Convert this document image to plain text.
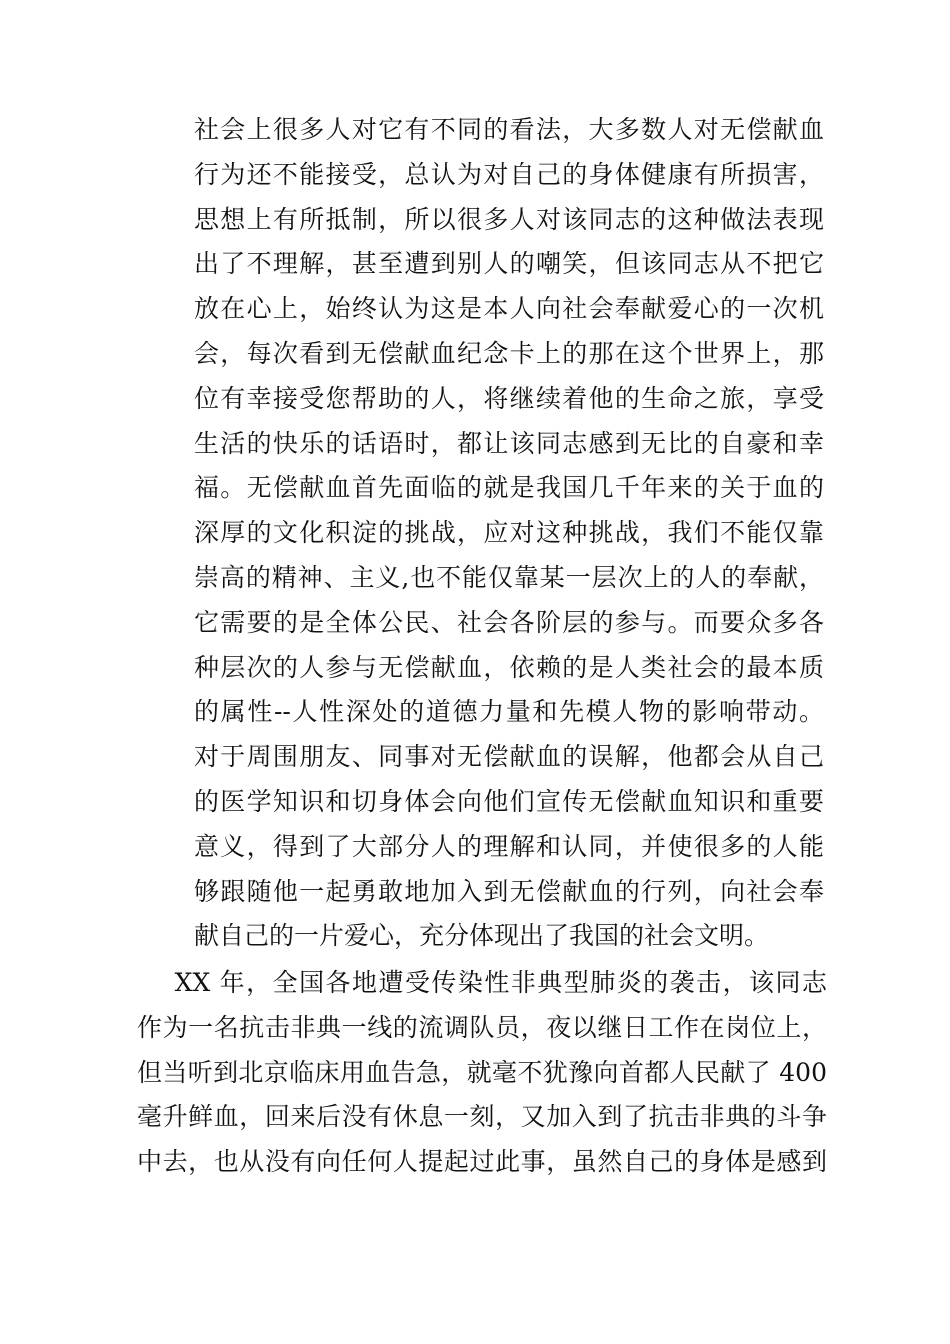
社会上很多人对它有不同的看法，大多数人对无偿献血
行为还不能接受，总认为对自己的身体健康有所损害，
思想上有所抵制，所以很多人对该同志的这种做法表现
出了不理解，甚至遭到别人的嘲笑，但该同志从不把它
放在心上，始终认为这是本人向社会奉献爱心的一次机
会，每次看到无偿献血纪念卡上的那在这个世界上，那
位有幸接受您帮助的人，将继续着他的生命之旅，享受
生活的快乐的话语时，都让该同志感到无比的自豪和幸
福。无偿献血首先面临的就是我国几千年来的关于血的
深厚的文化积淀的挑战，应对这种挑战，我们不能仅靠
崇高的精神、主义,也不能仅靠某一层次上的人的奉献，
它需要的是全体公民、社会各阶层的参与。而要众多各
种层次的人参与无偿献血，依赖的是人类社会的最本质
的属性--人性深处的道德力量和先模人物的影响带动。
对于周围朋友、同事对无偿献血的误解，他都会从自己
的医学知识和切身体会向他们宣传无偿献血知识和重要
意义，得到了大部分人的理解和认同，并使很多的人能
够跟随他一起勇敢地加入到无偿献血的行列，向社会奉
献自己的一片爱心，充分体现出了我国的社会文明。
XX 年，全国各地遭受传染性非典型肺炎的袭击，该同志
作为一名抗击非典一线的流调队员，夜以继日工作在岗位上，
但当听到北京临床用血告急，就毫不犹豫向首都人民献了 400
毫升鲜血，回来后没有休息一刻，又加入到了抗击非典的斗争
中去，也从没有向任何人提起过此事，虽然自己的身体是感到
